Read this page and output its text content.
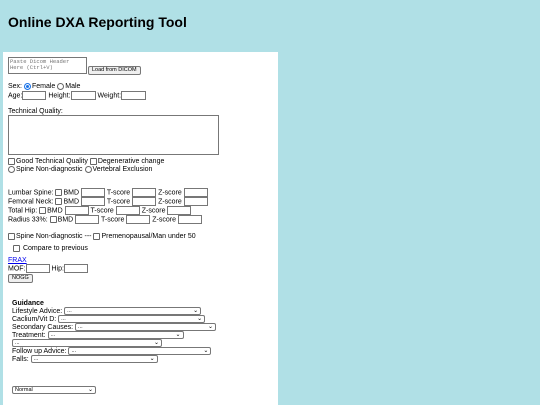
Online DXA Reporting Tool
Paste Dicom Header Here (Ctrl+V)
Load from DICOM
Sex: Female Male
Age:	Height:	Weight:
Technical Quality:
Good Technical Quality Degenerative change
Spine Non-diagnostic Vertebral Exclusion
Lumbar Spine: BMD	T-score	Z-score
Femoral Neck: BMD	T-score	Z-score
Total Hip: BMD	T-score	Z-score
Radius 33%: BMD	T-score	Z-score
Spine Non-diagnostic --- Premenopausal/Man under 50
Compare to previous
FRAX
MOF:	Hip:
NOGG
Guidance
Lifestyle Advice: ...	⌄
Caclium/Vit D: ...	⌄
Secondary Causes: ...	⌄
Treatment: ...	⌄
...	⌄
Follow up Advice: ...	⌄
Falls: ...	⌄
Normal	⌄
